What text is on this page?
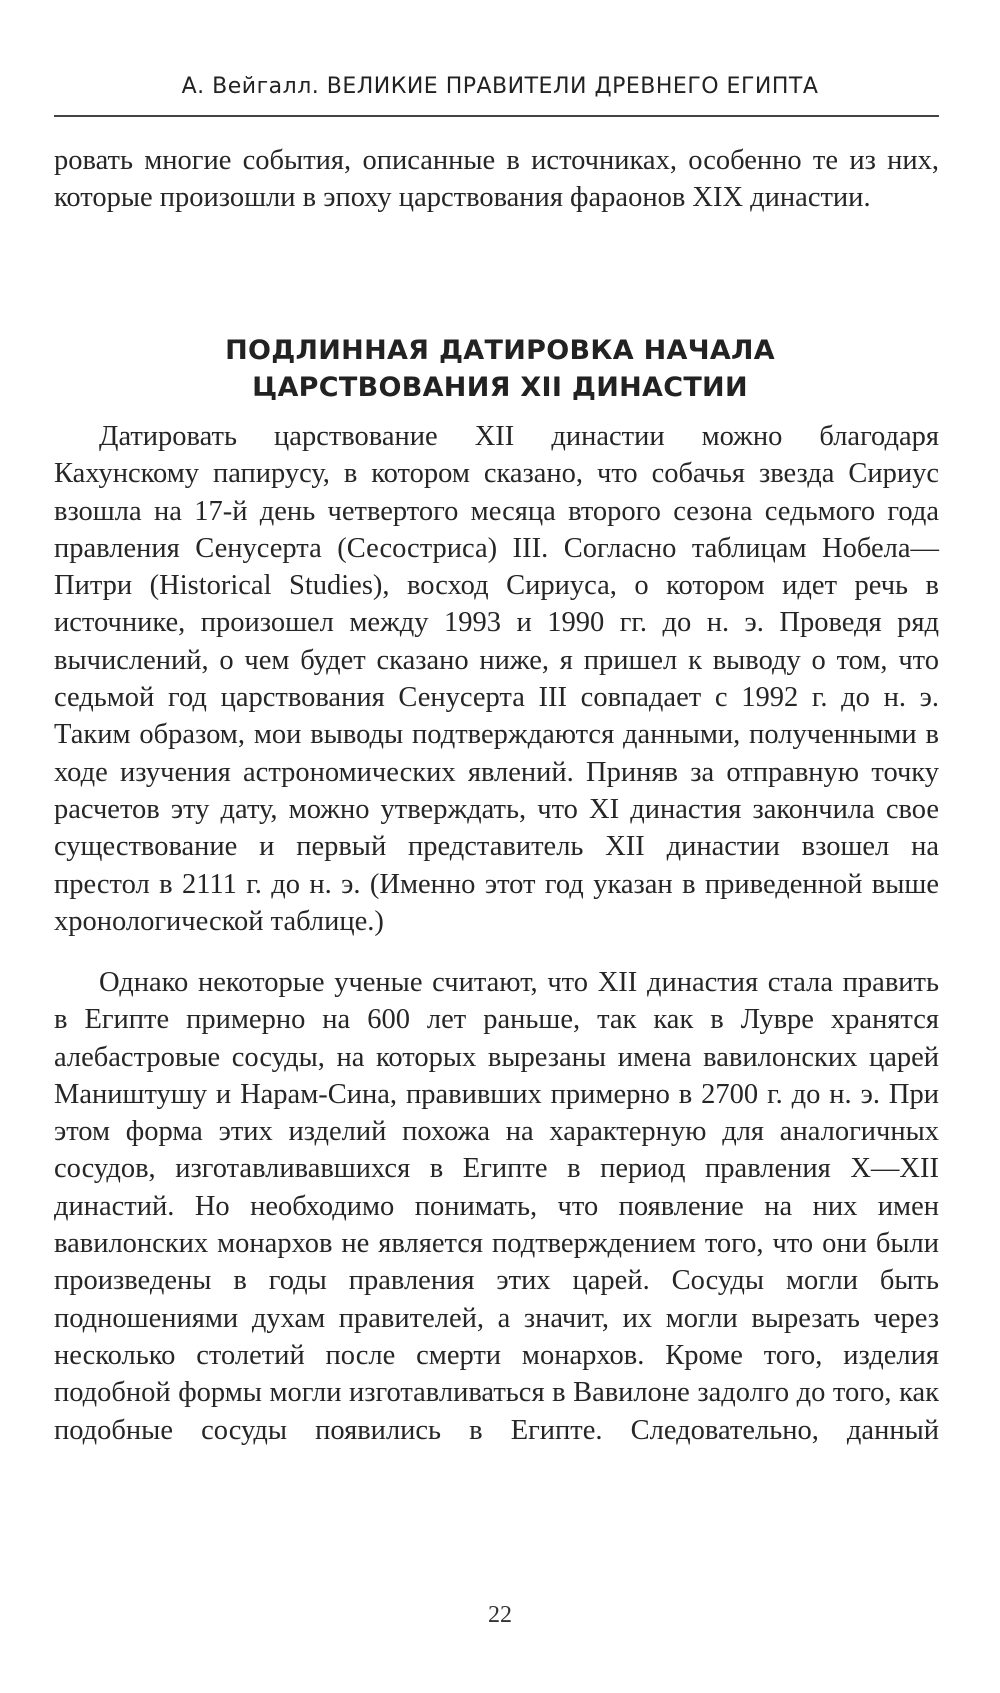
А. Вейгалл. ВЕЛИКИЕ ПРАВИТЕЛИ ДРЕВНЕГО ЕГИПТА

ровать многие события, описанные в источниках, особенно те из них, которые произошли в эпоху царствования фараонов XIX династии.

ПОДЛИННАЯ ДАТИРОВКА НАЧАЛА
ЦАРСТВОВАНИЯ XII ДИНАСТИИ

Датировать царствование XII династии можно благодаря Кахунскому папирусу, в котором сказано, что собачья звезда Сириус взошла на 17-й день четвертого месяца второго сезона седьмого года правления Сенусерта (Сесостриса) III. Согласно таблицам Нобела—Питри (Historical Studies), восход Сириуса, о котором идет речь в источнике, произошел между 1993 и 1990 гг. до н. э. Проведя ряд вычислений, о чем будет сказано ниже, я пришел к выводу о том, что седьмой год царствования Сенусерта III совпадает с 1992 г. до н. э. Таким образом, мои выводы подтверждаются данными, полученными в ходе изучения астрономических явлений. Приняв за отправную точку расчетов эту дату, можно утверждать, что XI династия закончила свое существование и первый представитель XII династии взошел на престол в 2111 г. до н. э. (Именно этот год указан в приведенной выше хронологической таблице.)

Однако некоторые ученые считают, что XII династия стала править в Египте примерно на 600 лет раньше, так как в Лувре хранятся алебастровые сосуды, на которых вырезаны имена вавилонских царей Маништушу и Нарам-Сина, правивших примерно в 2700 г. до н. э. При этом форма этих изделий похожа на характерную для аналогичных сосудов, изготавливавшихся в Египте в период правления X—XII династий. Но необходимо понимать, что появление на них имен вавилонских монархов не является подтверждением того, что они были произведены в годы правления этих царей. Сосуды могли быть подношениями духам правителей, а значит, их могли вырезать через несколько столетий после смерти монархов. Кроме того, изделия подобной формы могли изготавливаться в Вавилоне задолго до того, как подобные сосуды появились в Египте. Следовательно, данный

22
